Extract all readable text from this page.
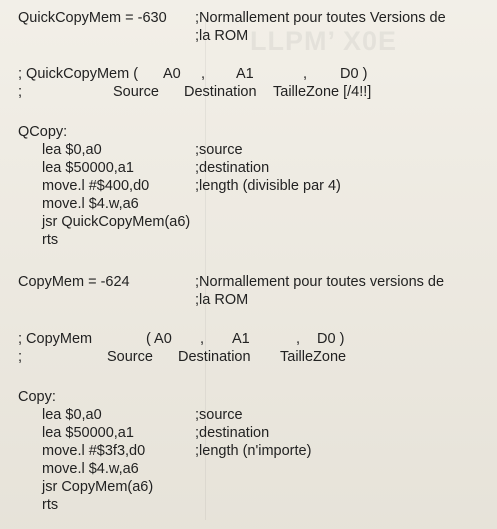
LLPM’ X0E
QuickCopyMem = -630 ;Normallement pour toutes Versions de
;la ROM
; QuickCopyMem ( A0 , A1	, D0 )
;	Source Destination TailleZone [/4!!]
QCopy:
lea $0,a0	;source
lea $50000,a1	;destination
move.l #$400,d0	;length (divisible par 4)
move.l $4.w,a6
jsr QuickCopyMem(a6)
rts
CopyMem = -624	;Normallement pour toutes versions de
;la ROM
; CopyMem	( A0 , A1	, D0 )
;	Source Destination TailleZone
Copy:
lea $0,a0	;source
lea $50000,a1	;destination
move.l #$3f3,d0	;length (n'importe)
move.l $4.w,a6
jsr CopyMem(a6)
rts
